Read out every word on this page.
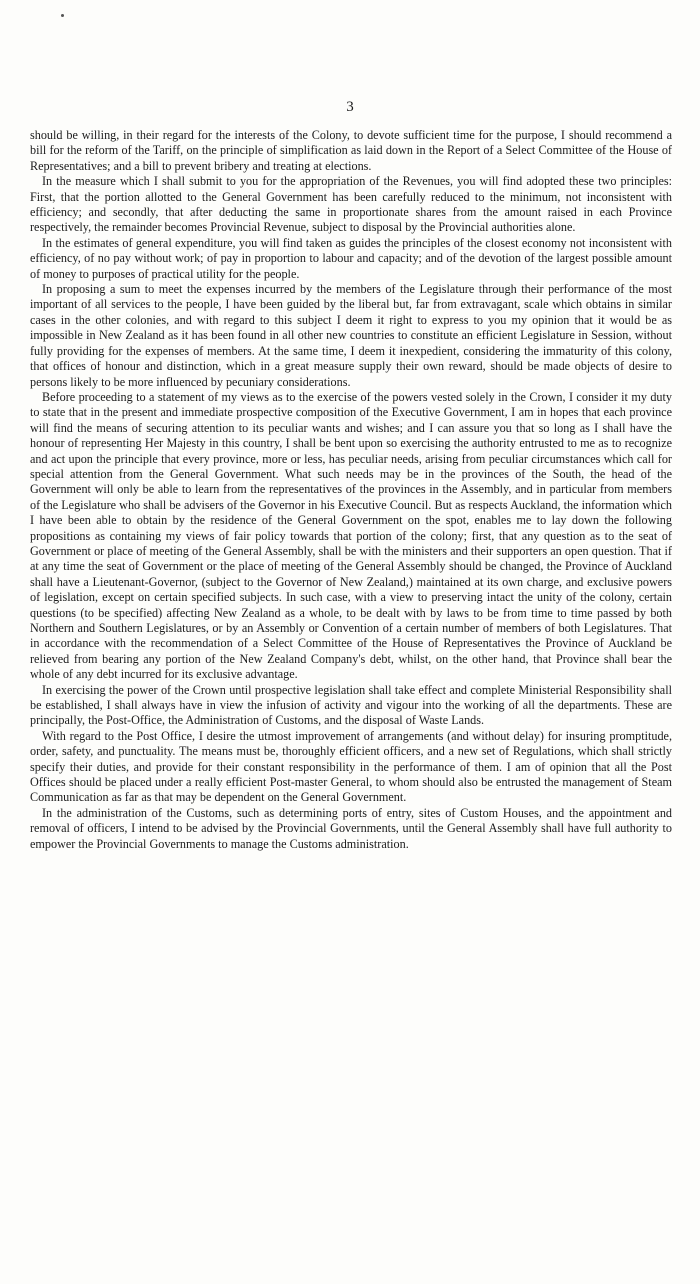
3

should be willing, in their regard for the interests of the Colony, to devote sufficient time for the purpose, I should recommend a bill for the reform of the Tariff, on the principle of simplification as laid down in the Report of a Select Committee of the House of Representatives; and a bill to prevent bribery and treating at elections.

In the measure which I shall submit to you for the appropriation of the Revenues, you will find adopted these two principles: First, that the portion allotted to the General Government has been carefully reduced to the minimum, not inconsistent with efficiency; and secondly, that after deducting the same in proportionate shares from the amount raised in each Province respectively, the remainder becomes Provincial Revenue, subject to disposal by the Provincial authorities alone.

In the estimates of general expenditure, you will find taken as guides the principles of the closest economy not inconsistent with efficiency, of no pay without work; of pay in proportion to labour and capacity; and of the devotion of the largest possible amount of money to purposes of practical utility for the people.

In proposing a sum to meet the expenses incurred by the members of the Legislature through their performance of the most important of all services to the people, I have been guided by the liberal but, far from extravagant, scale which obtains in similar cases in the other colonies, and with regard to this subject I deem it right to express to you my opinion that it would be as impossible in New Zealand as it has been found in all other new countries to constitute an efficient Legislature in Session, without fully providing for the expenses of members. At the same time, I deem it inexpedient, considering the immaturity of this colony, that offices of honour and distinction, which in a great measure supply their own reward, should be made objects of desire to persons likely to be more influenced by pecuniary considerations.

Before proceeding to a statement of my views as to the exercise of the powers vested solely in the Crown, I consider it my duty to state that in the present and immediate prospective composition of the Executive Government, I am in hopes that each province will find the means of securing attention to its peculiar wants and wishes; and I can assure you that so long as I shall have the honour of representing Her Majesty in this country, I shall be bent upon so exercising the authority entrusted to me as to recognize and act upon the principle that every province, more or less, has peculiar needs, arising from peculiar circumstances which call for special attention from the General Government. What such needs may be in the provinces of the South, the head of the Government will only be able to learn from the representatives of the provinces in the Assembly, and in particular from members of the Legislature who shall be advisers of the Governor in his Executive Council. But as respects Auckland, the information which I have been able to obtain by the residence of the General Government on the spot, enables me to lay down the following propositions as containing my views of fair policy towards that portion of the colony; first, that any question as to the seat of Government or place of meeting of the General Assembly, shall be with the ministers and their supporters an open question. That if at any time the seat of Government or the place of meeting of the General Assembly should be changed, the Province of Auckland shall have a Lieutenant-Governor, (subject to the Governor of New Zealand,) maintained at its own charge, and exclusive powers of legislation, except on certain specified subjects. In such case, with a view to preserving intact the unity of the colony, certain questions (to be specified) affecting New Zealand as a whole, to be dealt with by laws to be from time to time passed by both Northern and Southern Legislatures, or by an Assembly or Convention of a certain number of members of both Legislatures. That in accordance with the recommendation of a Select Committee of the House of Representatives the Province of Auckland be relieved from bearing any portion of the New Zealand Company's debt, whilst, on the other hand, that Province shall bear the whole of any debt incurred for its exclusive advantage.

In exercising the power of the Crown until prospective legislation shall take effect and complete Ministerial Responsibility shall be established, I shall always have in view the infusion of activity and vigour into the working of all the departments. These are principally, the Post-Office, the Administration of Customs, and the disposal of Waste Lands.

With regard to the Post Office, I desire the utmost improvement of arrangements (and without delay) for insuring promptitude, order, safety, and punctuality. The means must be, thoroughly efficient officers, and a new set of Regulations, which shall strictly specify their duties, and provide for their constant responsibility in the performance of them. I am of opinion that all the Post Offices should be placed under a really efficient Post-master General, to whom should also be entrusted the management of Steam Communication as far as that may be dependent on the General Government.

In the administration of the Customs, such as determining ports of entry, sites of Custom Houses, and the appointment and removal of officers, I intend to be advised by the Provincial Governments, until the General Assembly shall have full authority to empower the Provincial Governments to manage the Customs administration.
